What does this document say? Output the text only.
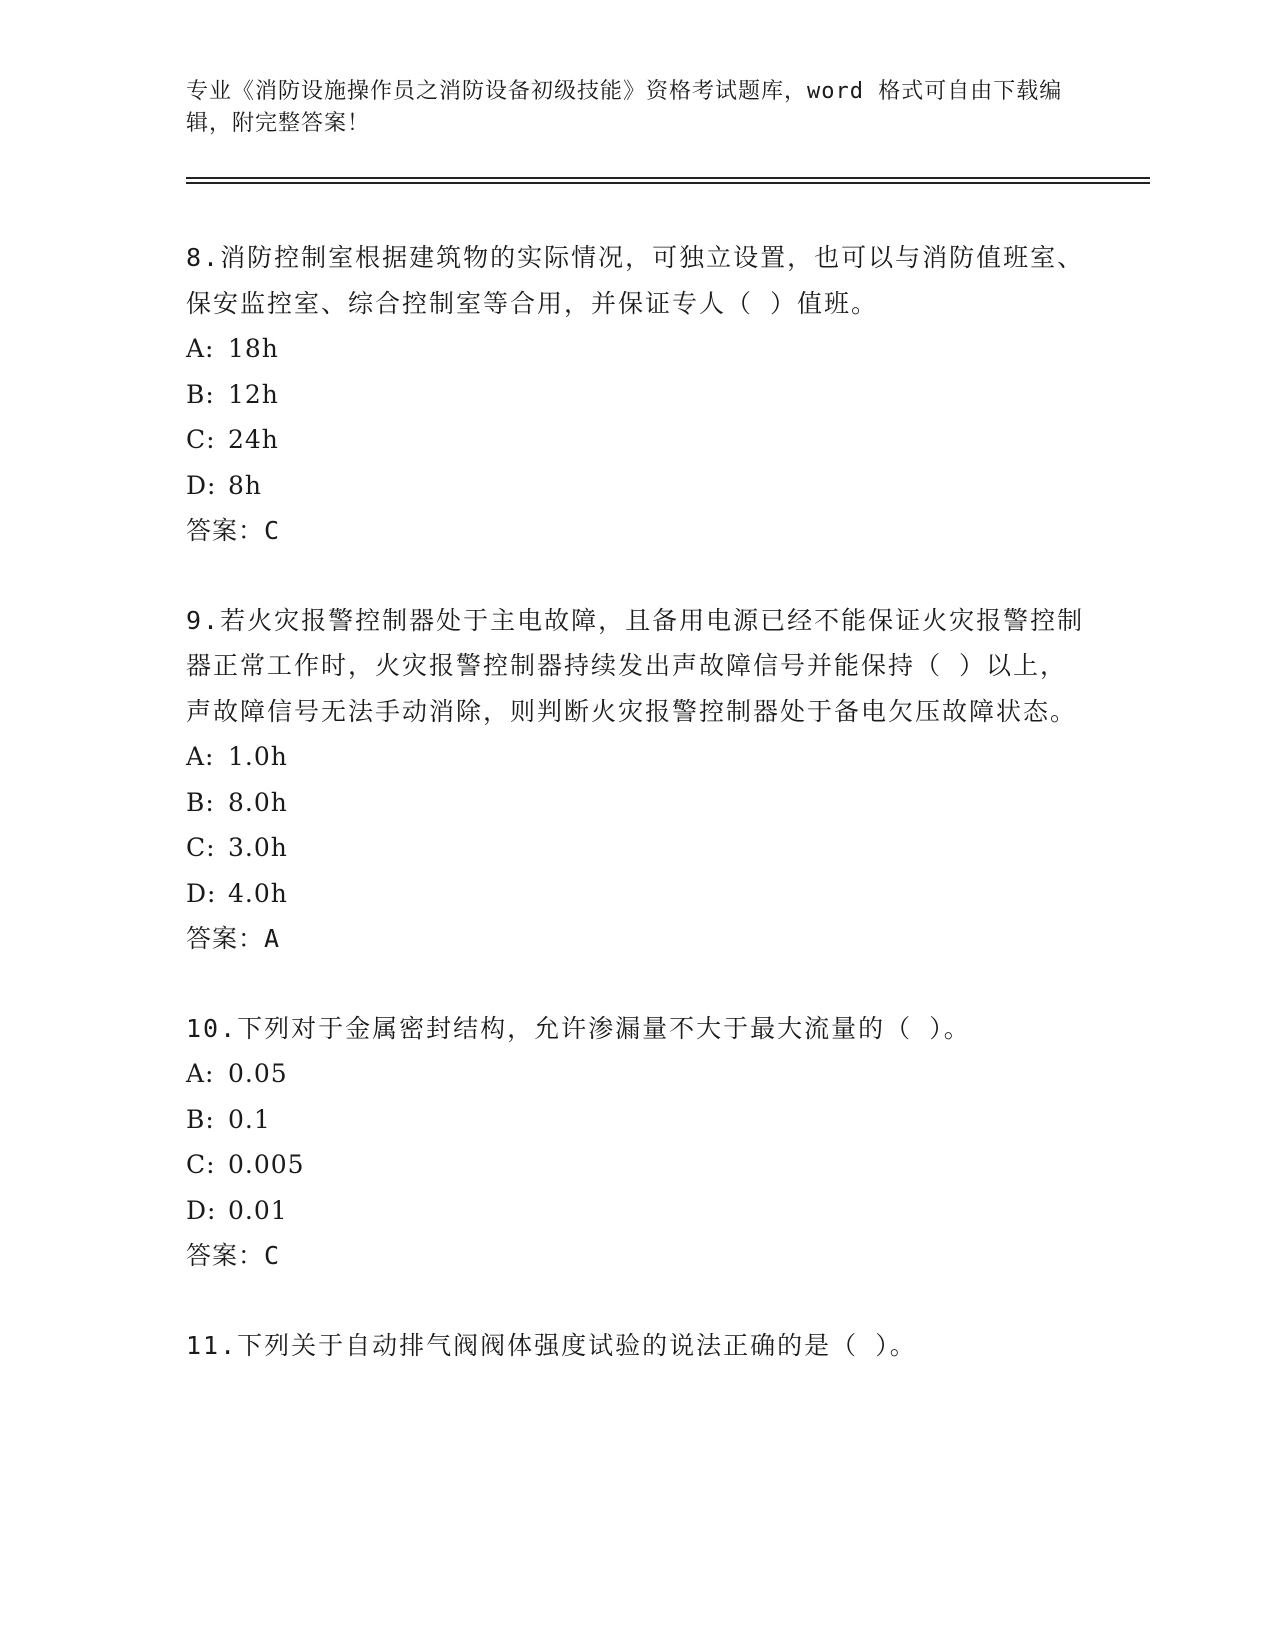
专业《消防设施操作员之消防设备初级技能》资格考试题库，word 格式可自由下载编辑，附完整答案！

8.消防控制室根据建筑物的实际情况，可独立设置，也可以与消防值班室、保安监控室、综合控制室等合用，并保证专人（ ）值班。

A: 18h

B: 12h

C: 24h

D: 8h

答案：C

9.若火灾报警控制器处于主电故障，且备用电源已经不能保证火灾报警控制器正常工作时，火灾报警控制器持续发出声故障信号并能保持（ ）以上，声故障信号无法手动消除，则判断火灾报警控制器处于备电欠压故障状态。

A: 1.0h

B: 8.0h

C: 3.0h

D: 4.0h

答案：A

10.下列对于金属密封结构，允许渗漏量不大于最大流量的（ ）。

A: 0.05

B: 0.1

C: 0.005

D: 0.01

答案：C

11.下列关于自动排气阀阀体强度试验的说法正确的是（ ）。
